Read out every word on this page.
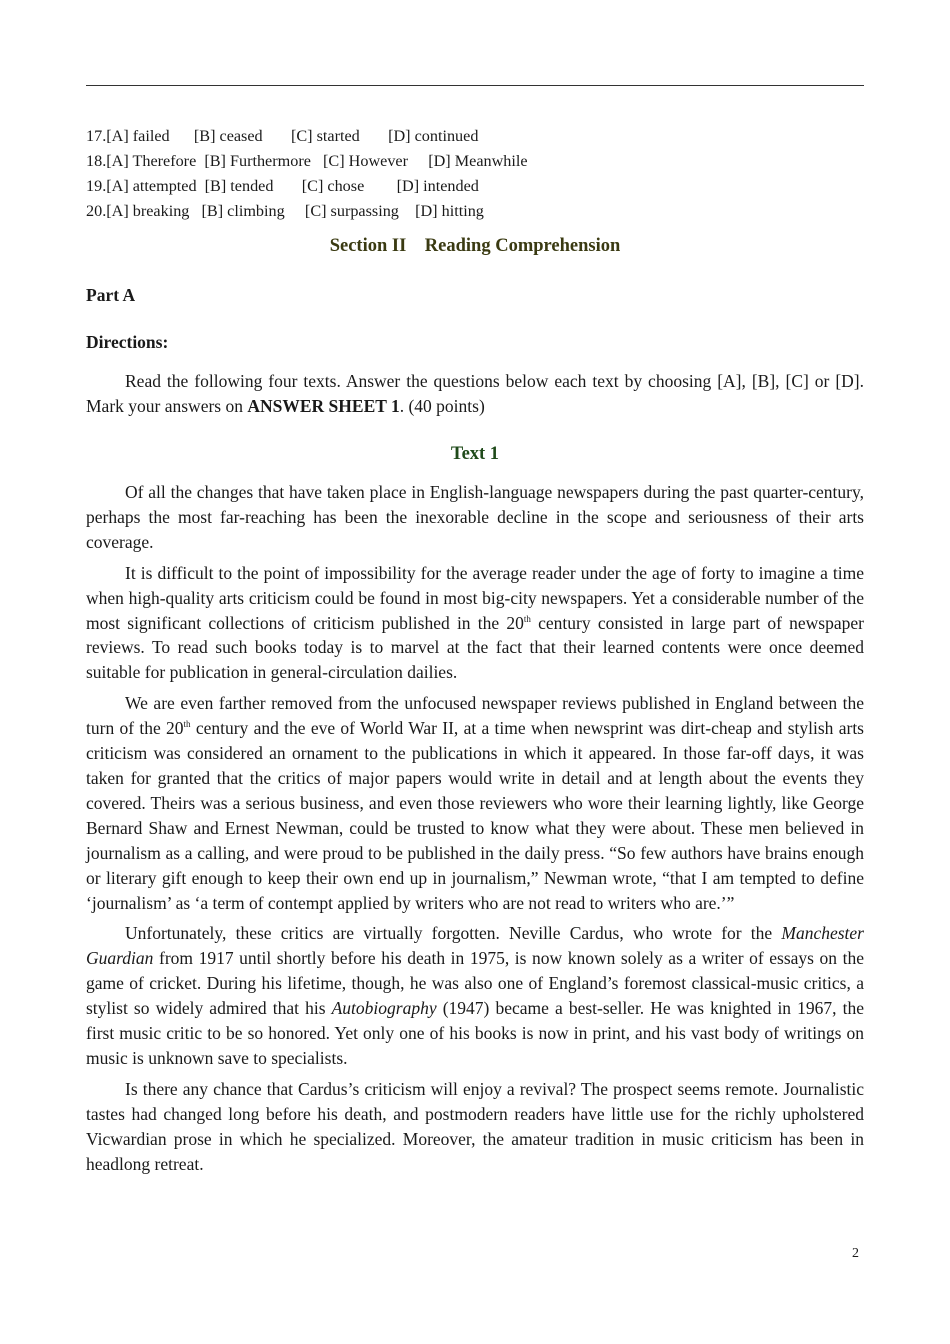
17.[A] failed      [B] ceased       [C] started       [D] continued
18.[A] Therefore  [B] Furthermore   [C] However     [D] Meanwhile
19.[A] attempted  [B] tended       [C] chose        [D] intended
20.[A] breaking   [B] climbing     [C] surpassing    [D] hitting
Section II    Reading Comprehension
Part A
Directions:

Read the following four texts. Answer the questions below each text by choosing [A], [B], [C] or [D]. Mark your answers on ANSWER SHEET 1. (40 points)

Text 1

Of all the changes that have taken place in English-language newspapers during the past quarter-century, perhaps the most far-reaching has been the inexorable decline in the scope and seriousness of their arts coverage.

It is difficult to the point of impossibility for the average reader under the age of forty to imagine a time when high-quality arts criticism could be found in most big-city newspapers. Yet a considerable number of the most significant collections of criticism published in the 20th century consisted in large part of newspaper reviews. To read such books today is to marvel at the fact that their learned contents were once deemed suitable for publication in general-circulation dailies.

We are even farther removed from the unfocused newspaper reviews published in England between the turn of the 20th century and the eve of World War II, at a time when newsprint was dirt-cheap and stylish arts criticism was considered an ornament to the publications in which it appeared. In those far-off days, it was taken for granted that the critics of major papers would write in detail and at length about the events they covered. Theirs was a serious business, and even those reviewers who wore their learning lightly, like George Bernard Shaw and Ernest Newman, could be trusted to know what they were about. These men believed in journalism as a calling, and were proud to be published in the daily press. “So few authors have brains enough or literary gift enough to keep their own end up in journalism,” Newman wrote, “that I am tempted to define ‘journalism’ as ‘a term of contempt applied by writers who are not read to writers who are.’”

Unfortunately, these critics are virtually forgotten. Neville Cardus, who wrote for the Manchester Guardian from 1917 until shortly before his death in 1975, is now known solely as a writer of essays on the game of cricket. During his lifetime, though, he was also one of England’s foremost classical-music critics, a stylist so widely admired that his Autobiography (1947) became a best-seller. He was knighted in 1967, the first music critic to be so honored. Yet only one of his books is now in print, and his vast body of writings on music is unknown save to specialists.

Is there any chance that Cardus’s criticism will enjoy a revival? The prospect seems remote. Journalistic tastes had changed long before his death, and postmodern readers have little use for the richly upholstered Vicwardian prose in which he specialized. Moreover, the amateur tradition in music criticism has been in headlong retreat.

2
